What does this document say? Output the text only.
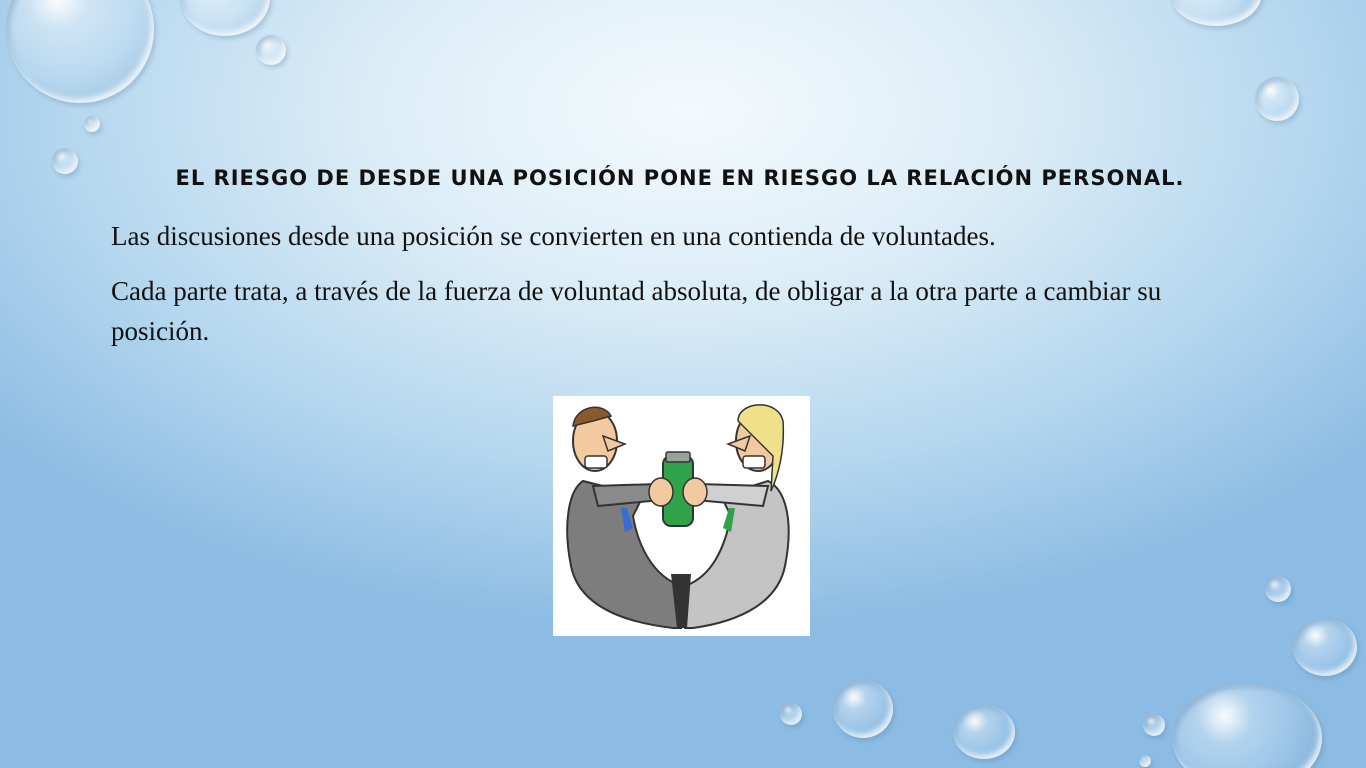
EL RIESGO DE DESDE UNA POSICIÓN PONE EN RIESGO LA RELACIÓN PERSONAL.

Las discusiones desde una posición se convierten en una contienda de voluntades.

Cada parte trata, a través de la fuerza de voluntad absoluta, de obligar a la otra parte a cambiar su posición.
